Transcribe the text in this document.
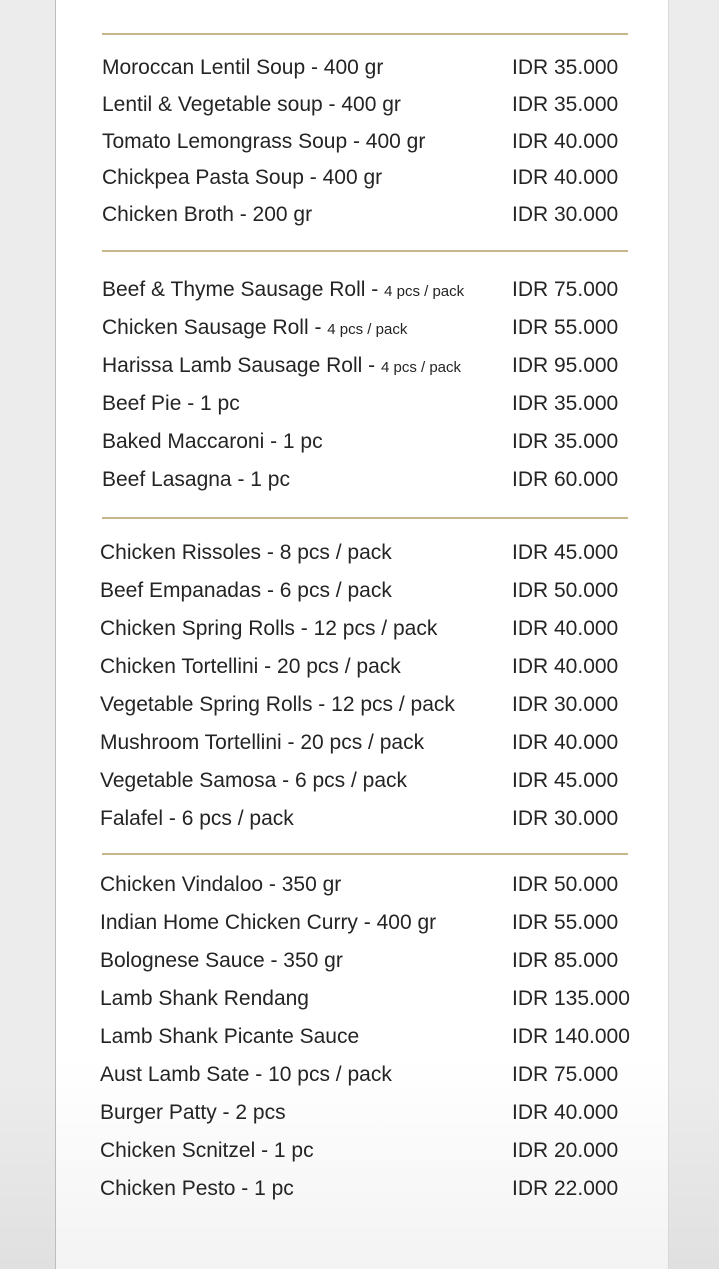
Moroccan Lentil Soup - 400 gr	IDR 35.000
Lentil & Vegetable soup - 400 gr	IDR 35.000
Tomato Lemongrass Soup - 400 gr	IDR 40.000
Chickpea Pasta Soup - 400 gr	IDR 40.000
Chicken Broth - 200 gr	IDR 30.000
Beef & Thyme Sausage Roll - 4 pcs / pack IDR 75.000
Chicken Sausage Roll - 4 pcs / pack	IDR 55.000
Harissa Lamb Sausage Roll - 4 pcs / pack IDR 95.000
Beef Pie - 1 pc	IDR 35.000
Baked Maccaroni - 1 pc	IDR 35.000
Beef Lasagna - 1 pc	IDR 60.000
Chicken Rissoles - 8 pcs / pack	IDR 45.000
Beef Empanadas - 6 pcs / pack	IDR 50.000
Chicken Spring Rolls - 12 pcs / pack	IDR 40.000
Chicken Tortellini - 20 pcs / pack	IDR 40.000
Vegetable Spring Rolls - 12 pcs / pack	IDR 30.000
Mushroom Tortellini - 20 pcs / pack	IDR 40.000
Vegetable Samosa - 6 pcs / pack	IDR 45.000
Falafel - 6 pcs / pack	IDR 30.000
Chicken Vindaloo - 350 gr	IDR 50.000
Indian Home Chicken Curry - 400 gr	IDR 55.000
Bolognese Sauce - 350 gr	IDR 85.000
Lamb Shank Rendang	IDR 135.000
Lamb Shank Picante Sauce	IDR 140.000
Aust Lamb Sate - 10 pcs / pack	IDR 75.000
Burger Patty - 2 pcs	IDR 40.000
Chicken Scnitzel - 1 pc	IDR 20.000
Chicken Pesto - 1 pc	IDR 22.000
